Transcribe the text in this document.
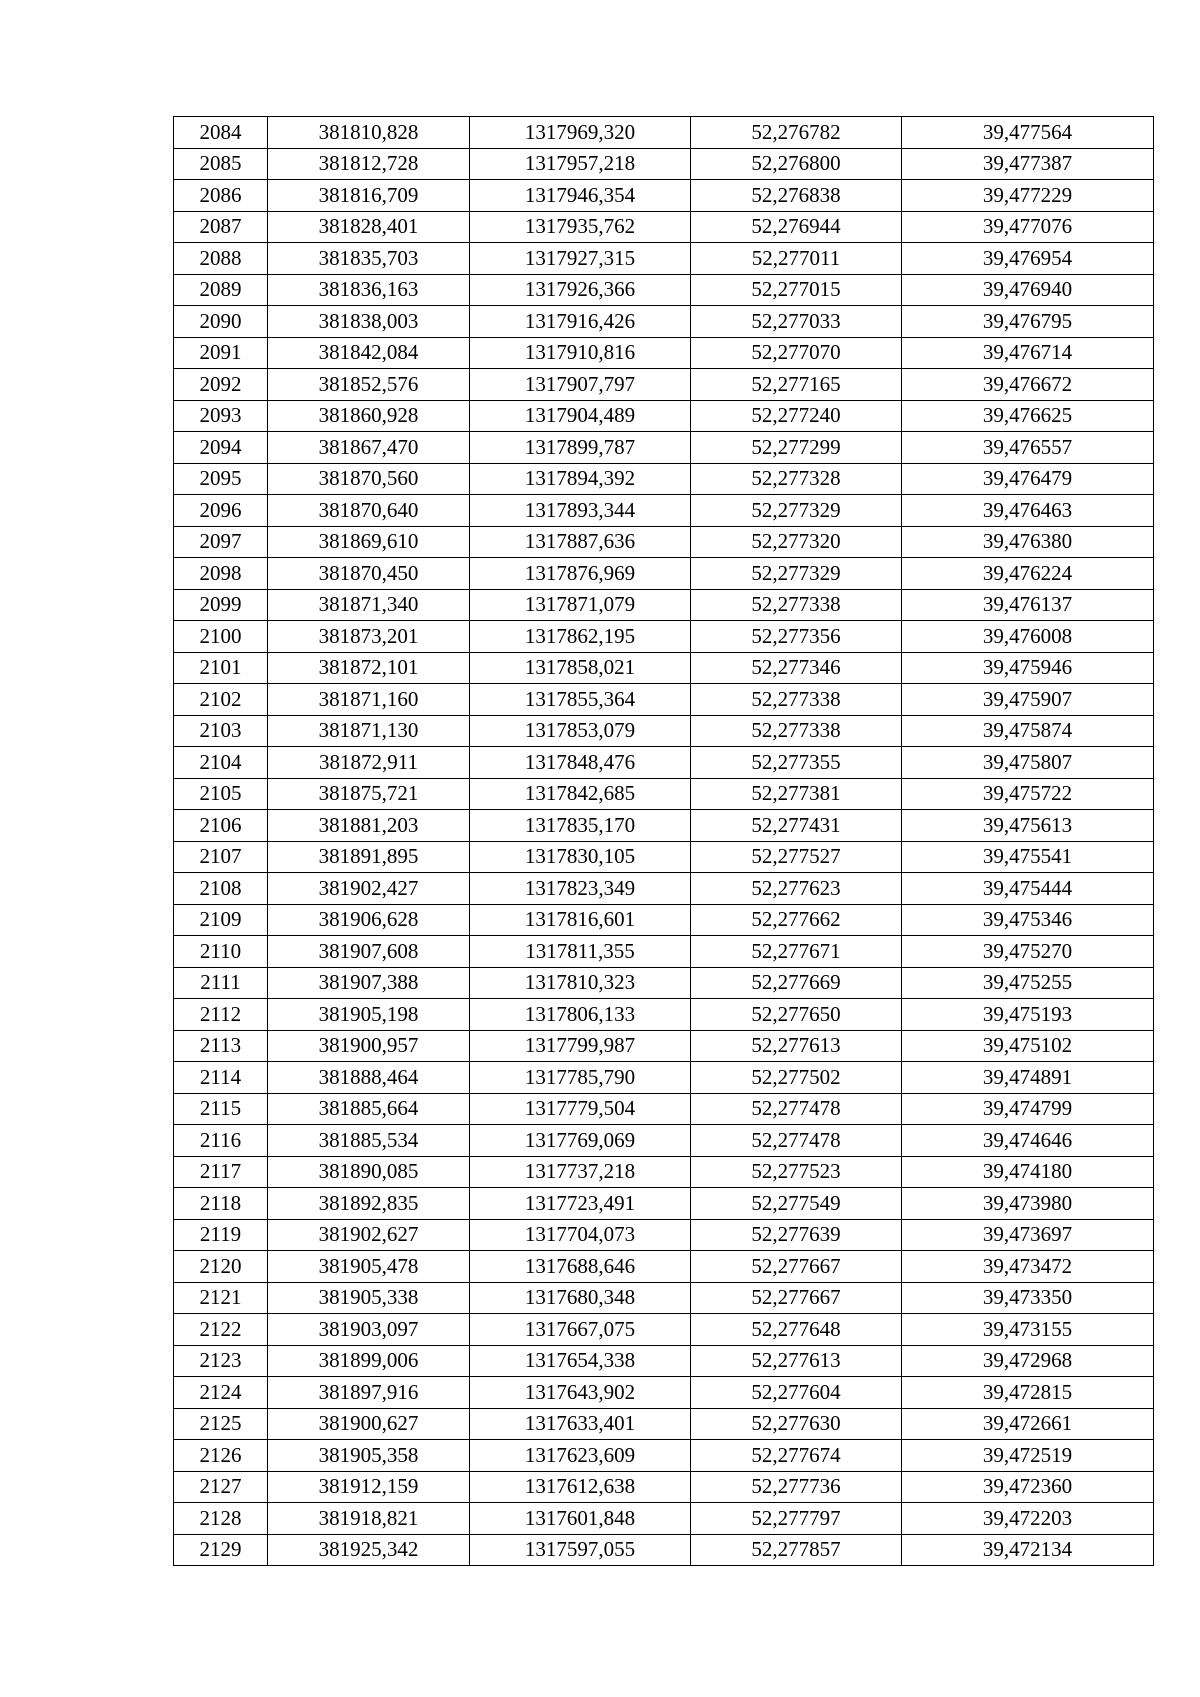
2084	381810,828	1317969,320	52,276782	39,477564
2085	381812,728	1317957,218	52,276800	39,477387
2086	381816,709	1317946,354	52,276838	39,477229
2087	381828,401	1317935,762	52,276944	39,477076
2088	381835,703	1317927,315	52,277011	39,476954
2089	381836,163	1317926,366	52,277015	39,476940
2090	381838,003	1317916,426	52,277033	39,476795
2091	381842,084	1317910,816	52,277070	39,476714
2092	381852,576	1317907,797	52,277165	39,476672
2093	381860,928	1317904,489	52,277240	39,476625
2094	381867,470	1317899,787	52,277299	39,476557
2095	381870,560	1317894,392	52,277328	39,476479
2096	381870,640	1317893,344	52,277329	39,476463
2097	381869,610	1317887,636	52,277320	39,476380
2098	381870,450	1317876,969	52,277329	39,476224
2099	381871,340	1317871,079	52,277338	39,476137
2100	381873,201	1317862,195	52,277356	39,476008
2101	381872,101	1317858,021	52,277346	39,475946
2102	381871,160	1317855,364	52,277338	39,475907
2103	381871,130	1317853,079	52,277338	39,475874
2104	381872,911	1317848,476	52,277355	39,475807
2105	381875,721	1317842,685	52,277381	39,475722
2106	381881,203	1317835,170	52,277431	39,475613
2107	381891,895	1317830,105	52,277527	39,475541
2108	381902,427	1317823,349	52,277623	39,475444
2109	381906,628	1317816,601	52,277662	39,475346
2110	381907,608	1317811,355	52,277671	39,475270
2111	381907,388	1317810,323	52,277669	39,475255
2112	381905,198	1317806,133	52,277650	39,475193
2113	381900,957	1317799,987	52,277613	39,475102
2114	381888,464	1317785,790	52,277502	39,474891
2115	381885,664	1317779,504	52,277478	39,474799
2116	381885,534	1317769,069	52,277478	39,474646
2117	381890,085	1317737,218	52,277523	39,474180
2118	381892,835	1317723,491	52,277549	39,473980
2119	381902,627	1317704,073	52,277639	39,473697
2120	381905,478	1317688,646	52,277667	39,473472
2121	381905,338	1317680,348	52,277667	39,473350
2122	381903,097	1317667,075	52,277648	39,473155
2123	381899,006	1317654,338	52,277613	39,472968
2124	381897,916	1317643,902	52,277604	39,472815
2125	381900,627	1317633,401	52,277630	39,472661
2126	381905,358	1317623,609	52,277674	39,472519
2127	381912,159	1317612,638	52,277736	39,472360
2128	381918,821	1317601,848	52,277797	39,472203
2129	381925,342	1317597,055	52,277857	39,472134
